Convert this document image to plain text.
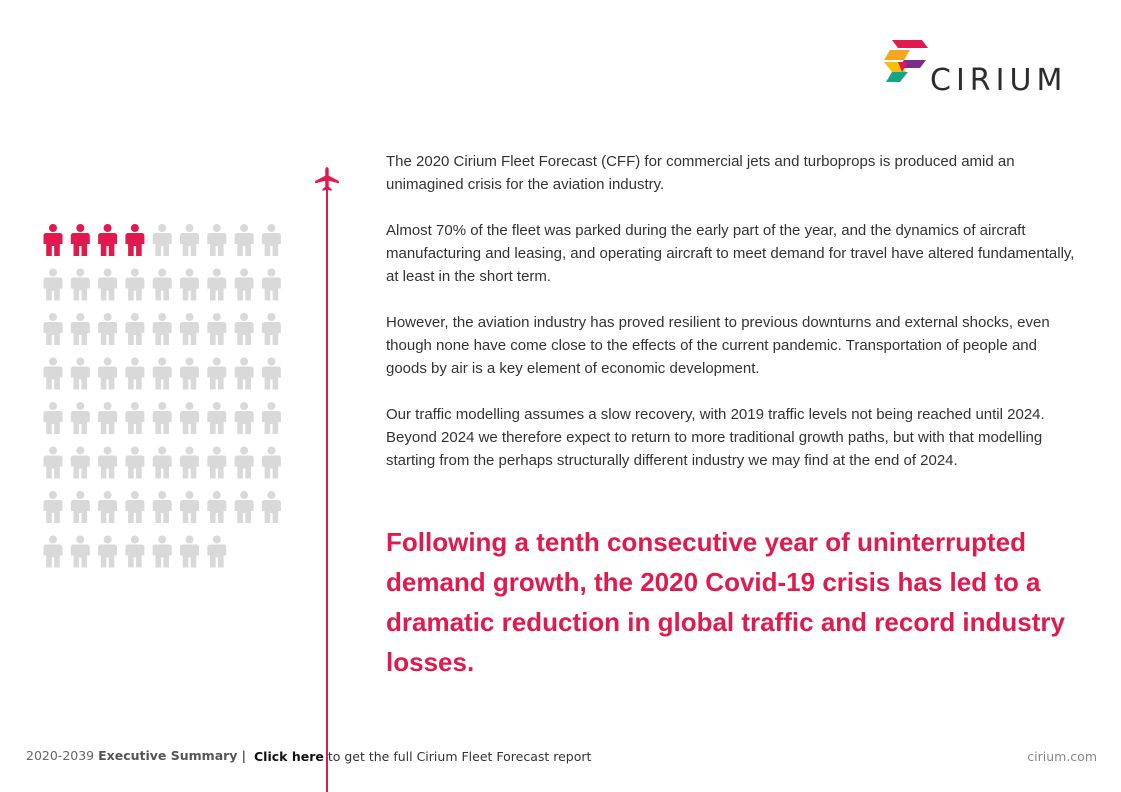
CIRIUM

The 2020 Cirium Fleet Forecast (CFF) for commercial jets and turboprops is produced amid an unimagined crisis for the aviation industry.

Almost 70% of the fleet was parked during the early part of the year, and the dynamics of aircraft manufacturing and leasing, and operating aircraft to meet demand for travel have altered fundamentally, at least in the short term.

However, the aviation industry has proved resilient to previous downturns and external shocks, even though none have come close to the effects of the current pandemic. Transportation of people and goods by air is a key element of economic development.

Our traffic modelling assumes a slow recovery, with 2019 traffic levels not being reached until 2024. Beyond 2024 we therefore expect to return to more traditional growth paths, but with that modelling starting from the perhaps structurally different industry we may find at the end of 2024.

Following a tenth consecutive year of uninterrupted demand growth, the 2020 Covid-19 crisis has led to a dramatic reduction in global traffic and record industry losses.
2020-2039 Executive Summary | Click here to get the full Cirium Fleet Forecast report	cirium.com
